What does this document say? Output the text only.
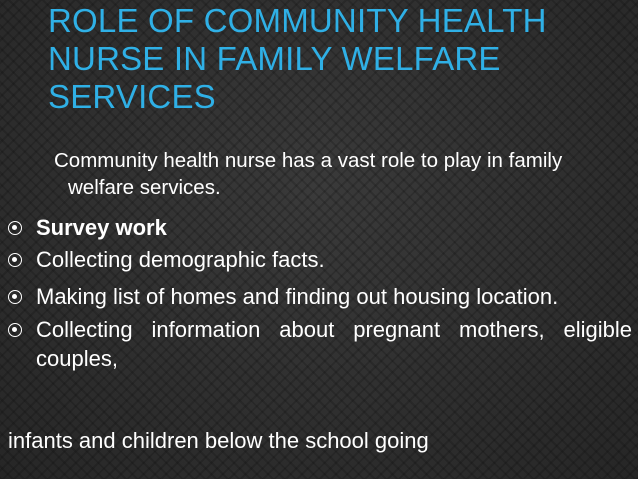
ROLE OF COMMUNITY HEALTH
NURSE IN FAMILY WELFARE
SERVICES

Community health nurse has a vast role to play in family welfare services.

Survey work
Collecting demographic facts.
Making list of homes and finding out housing location.
Collecting information about pregnant mothers, eligible couples,

infants and children below the school going
